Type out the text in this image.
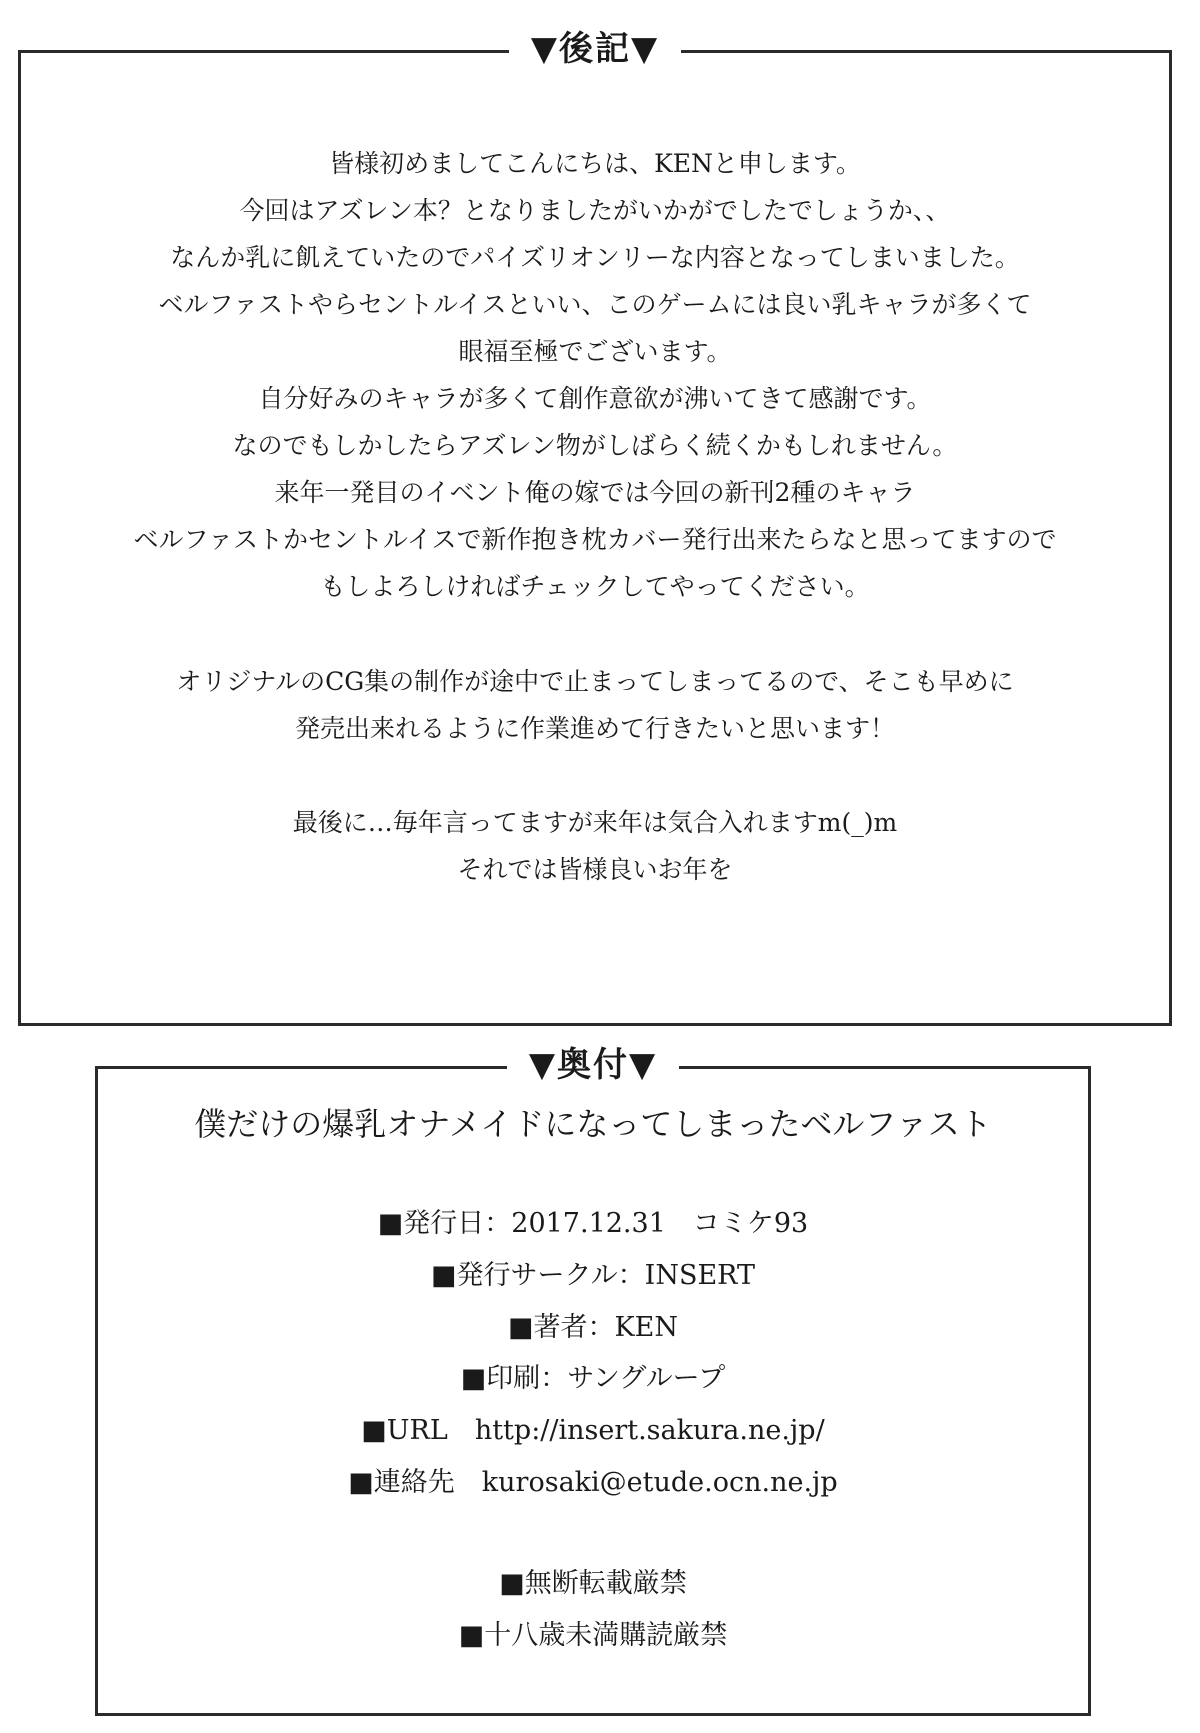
▼後記▼
皆様初めましてこんにちは、KENと申します。
今回はアズレン本？となりましたがいかがでしたでしょうか、、
なんか乳に飢えていたのでパイズリオンリーな内容となってしまいました。
ベルファストやらセントルイスといい、このゲームには良い乳キャラが多くて
眼福至極でございます。
自分好みのキャラが多くて創作意欲が沸いてきて感謝です。
なのでもしかしたらアズレン物がしばらく続くかもしれません。
来年一発目のイベント俺の嫁では今回の新刊2種のキャラ
ベルファストかセントルイスで新作抱き枕カバー発行出来たらなと思ってますので
もしよろしければチェックしてやってください。
オリジナルのCG集の制作が途中で止まってしまってるので、そこも早めに
発売出来れるように作業進めて行きたいと思います！
最後に…毎年言ってますが来年は気合入れますm(_)m
それでは皆様良いお年を
▼奥付▼
僕だけの爆乳オナメイドになってしまったベルファスト
■発行日：2017.12.31　コミケ93
■発行サークル：INSERT
■著者：KEN
■印刷：サングループ
■URL　http://insert.sakura.ne.jp/
■連絡先　kurosaki@etude.ocn.ne.jp
■無断転載厳禁
■十八歳未満購読厳禁
